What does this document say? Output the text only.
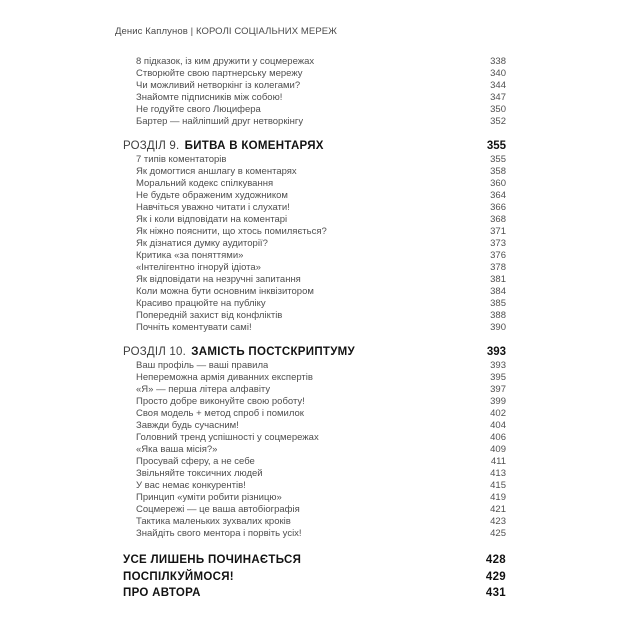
Денис Каплунов | КОРОЛІ СОЦІАЛЬНИХ МЕРЕЖ
8 підказок, із ким дружити у соцмережах	338
Створюйте свою партнерську мережу	340
Чи можливий нетворкінг із колегами?	344
Знайомте підписників між собою!	347
Не годуйте свого Люцифера	350
Бартер — найліпший друг нетворкінгу	352
РОЗДІЛ 9. БИТВА В КОМЕНТАРЯХ	355
7 типів коментаторів	355
Як домогтися аншлагу в коментарях	358
Моральний кодекс спілкування	360
Не будьте ображеним художником	364
Навчіться уважно читати і слухати!	366
Як і коли відповідати на коментарі	368
Як ніжно пояснити, що хтось помиляється?	371
Як дізнатися думку аудиторії?	373
Критика «за поняттями»	376
«Інтелігентно ігноруй ідіота»	378
Як відповідати на незручні запитання	381
Коли можна бути основним інквізитором	384
Красиво працюйте на публіку	385
Попередній захист від конфліктів	388
Почніть коментувати самі!	390
РОЗДІЛ 10. ЗАМІСТЬ ПОСТСКРИПТУМУ	393
Ваш профіль — ваші правила	393
Непереможна армія диванних експертів	395
«Я» — перша літера алфавіту	397
Просто добре виконуйте свою роботу!	399
Своя модель + метод спроб і помилок	402
Завжди будь сучасним!	404
Головний тренд успішності у соцмережах	406
«Яка ваша місія?»	409
Просувай сферу, а не себе	411
Звільняйте токсичних людей	413
У вас немає конкурентів!	415
Принцип «уміти робити різницю»	419
Соцмережі — це ваша автобіографія	421
Тактика маленьких зухвалих кроків	423
Знайдіть свого ментора і порвіть усіх!	425
УСЕ ЛИШЕНЬ ПОЧИНАЄТЬСЯ	428
ПОСПІЛКУЙМОСЯ!	429
ПРО АВТОРА	431
